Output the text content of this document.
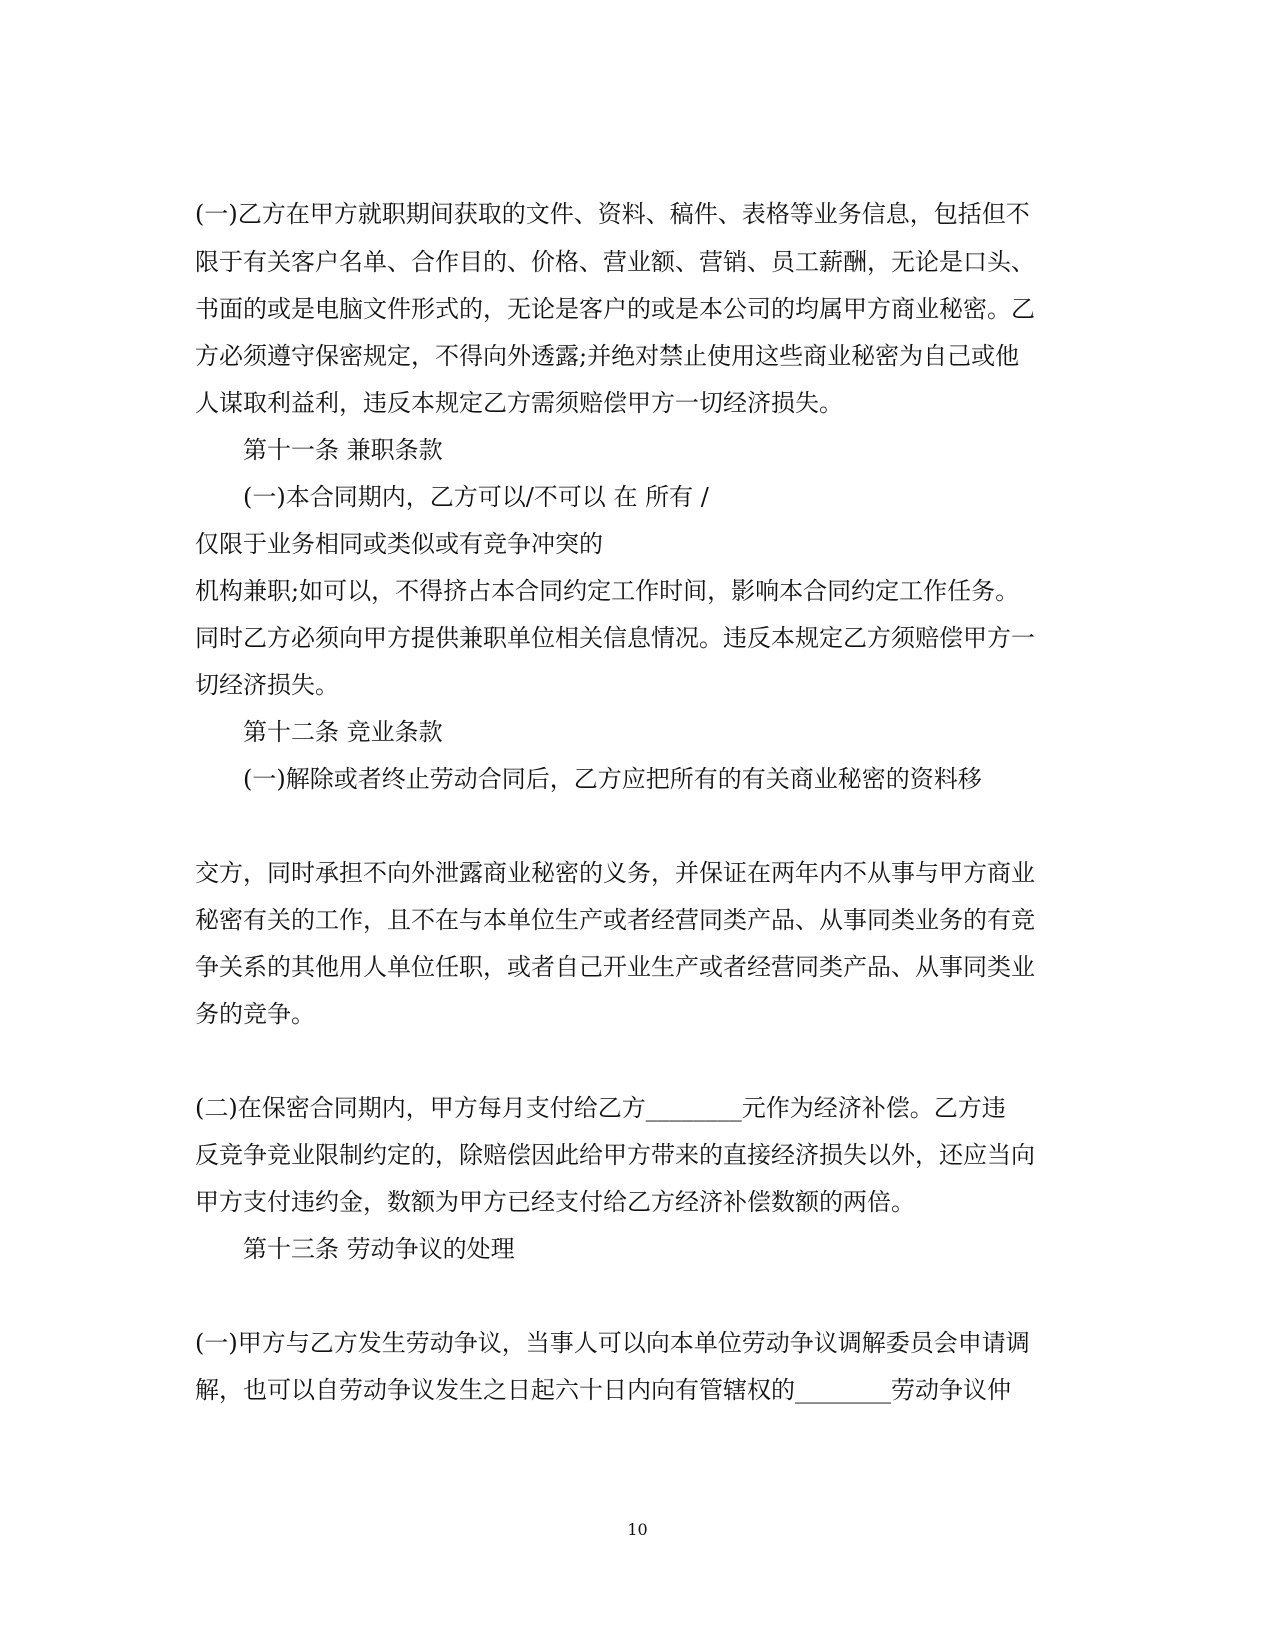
(一)乙方在甲方就职期间获取的文件、资料、稿件、表格等业务信息，包括但不

限于有关客户名单、合作目的、价格、营业额、营销、员工薪酬，无论是口头、

书面的或是电脑文件形式的，无论是客户的或是本公司的均属甲方商业秘密。乙

方必须遵守保密规定，不得向外透露;并绝对禁止使用这些商业秘密为自己或他

人谋取利益利，违反本规定乙方需须赔偿甲方一切经济损失。

第十一条 兼职条款

(一)本合同期内，乙方可以/不可以 在 所有 /

仅限于业务相同或类似或有竞争冲突的

机构兼职;如可以，不得挤占本合同约定工作时间，影响本合同约定工作任务。

同时乙方必须向甲方提供兼职单位相关信息情况。违反本规定乙方须赔偿甲方一

切经济损失。

第十二条 竞业条款

(一)解除或者终止劳动合同后，乙方应把所有的有关商业秘密的资料移

交方，同时承担不向外泄露商业秘密的义务，并保证在两年内不从事与甲方商业

秘密有关的工作，且不在与本单位生产或者经营同类产品、从事同类业务的有竞

争关系的其他用人单位任职，或者自己开业生产或者经营同类产品、从事同类业

务的竞争。

(二)在保密合同期内，甲方每月支付给乙方________元作为经济补偿。乙方违

反竞争竞业限制约定的，除赔偿因此给甲方带来的直接经济损失以外，还应当向

甲方支付违约金，数额为甲方已经支付给乙方经济补偿数额的两倍。

第十三条 劳动争议的处理

(一)甲方与乙方发生劳动争议，当事人可以向本单位劳动争议调解委员会申请调

解，也可以自劳动争议发生之日起六十日内向有管辖权的________劳动争议仲

10
